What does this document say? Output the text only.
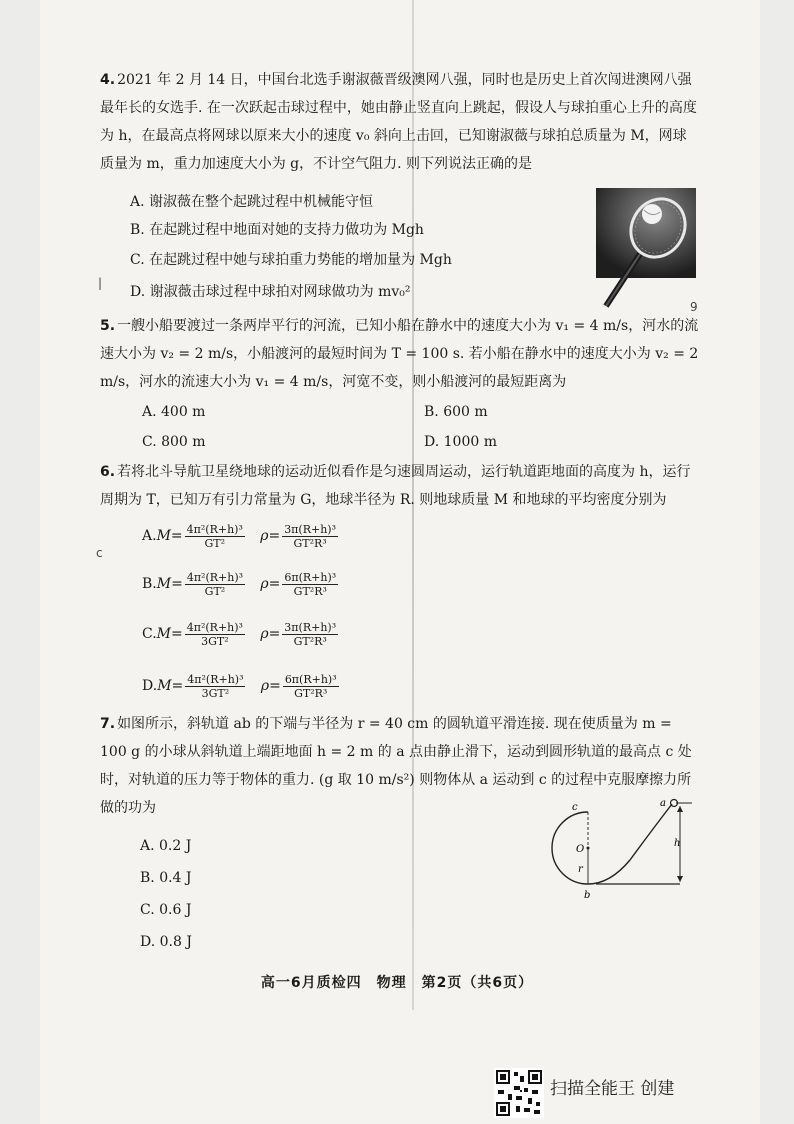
|
c
9

4. 2021 年 2 月 14 日，中国台北选手谢淑薇晋级澳网八强，同时也是历史上首次闯进澳网八强最年长的女选手. 在一次跃起击球过程中，她由静止竖直向上跳起，假设人与球拍重心上升的高度为 h，在最高点将网球以原来大小的速度 v₀ 斜向上击回，已知谢淑薇与球拍总质量为 M，网球质量为 m，重力加速度大小为 g，不计空气阻力. 则下列说法正确的是

A. 谢淑薇在整个起跳过程中机械能守恒
B. 在起跳过程中地面对她的支持力做功为 Mgh
C. 在起跳过程中她与球拍重力势能的增加量为 Mgh
D. 谢淑薇击球过程中球拍对网球做功为 mv₀²

5. 一艘小船要渡过一条两岸平行的河流，已知小船在静水中的速度大小为 v₁ = 4 m/s，河水的流速大小为 v₂ = 2 m/s，小船渡河的最短时间为 T = 100 s. 若小船在静水中的速度大小为 v₂ = 2 m/s，河水的流速大小为 v₁ = 4 m/s，河宽不变，则小船渡河的最短距离为

A. 400 m	B. 600 m
C. 800 m	D. 1000 m

6. 若将北斗导航卫星绕地球的运动近似看作是匀速圆周运动，运行轨道距地面的高度为 h，运行周期为 T，已知万有引力常量为 G，地球半径为 R. 则地球质量 M 和地球的平均密度分别为

$A.M= \frac{\text{4π²(R+h)³}}{\text{GT²}} \rho= \frac{\text{3π(R+h)³}}{\text{GT²R³}}$
$B.M= \frac{\text{4π²(R+h)³}}{\text{GT²}} \rho= \frac{\text{6π(R+h)³}}{\text{GT²R³}}$
$C.M= \frac{\text{4π²(R+h)³}}{\text{3GT²}} \rho= \frac{\text{3π(R+h)³}}{\text{GT²R³}}$
$D.M= \frac{\text{4π²(R+h)³}}{\text{3GT²}} \rho= \frac{\text{6π(R+h)³}}{\text{GT²R³}}$

7. 如图所示，斜轨道 ab 的下端与半径为 r = 40 cm 的圆轨道平滑连接. 现在使质量为 m = 100 g 的小球从斜轨道上端距地面 h = 2 m 的 a 点由静止滑下，运动到圆形轨道的最高点 c 处时，对轨道的压力等于物体的重力. (g 取 10 m/s²) 则物体从 a 运动到 c 的过程中克服摩擦力所做的功为

A. 0.2 J
B. 0.4 J
C. 0.6 J
D. 0.8 J
c
O
r
b
a
h
高一6月质检四　物理　第2页（共6页）
扫描全能王 创建
